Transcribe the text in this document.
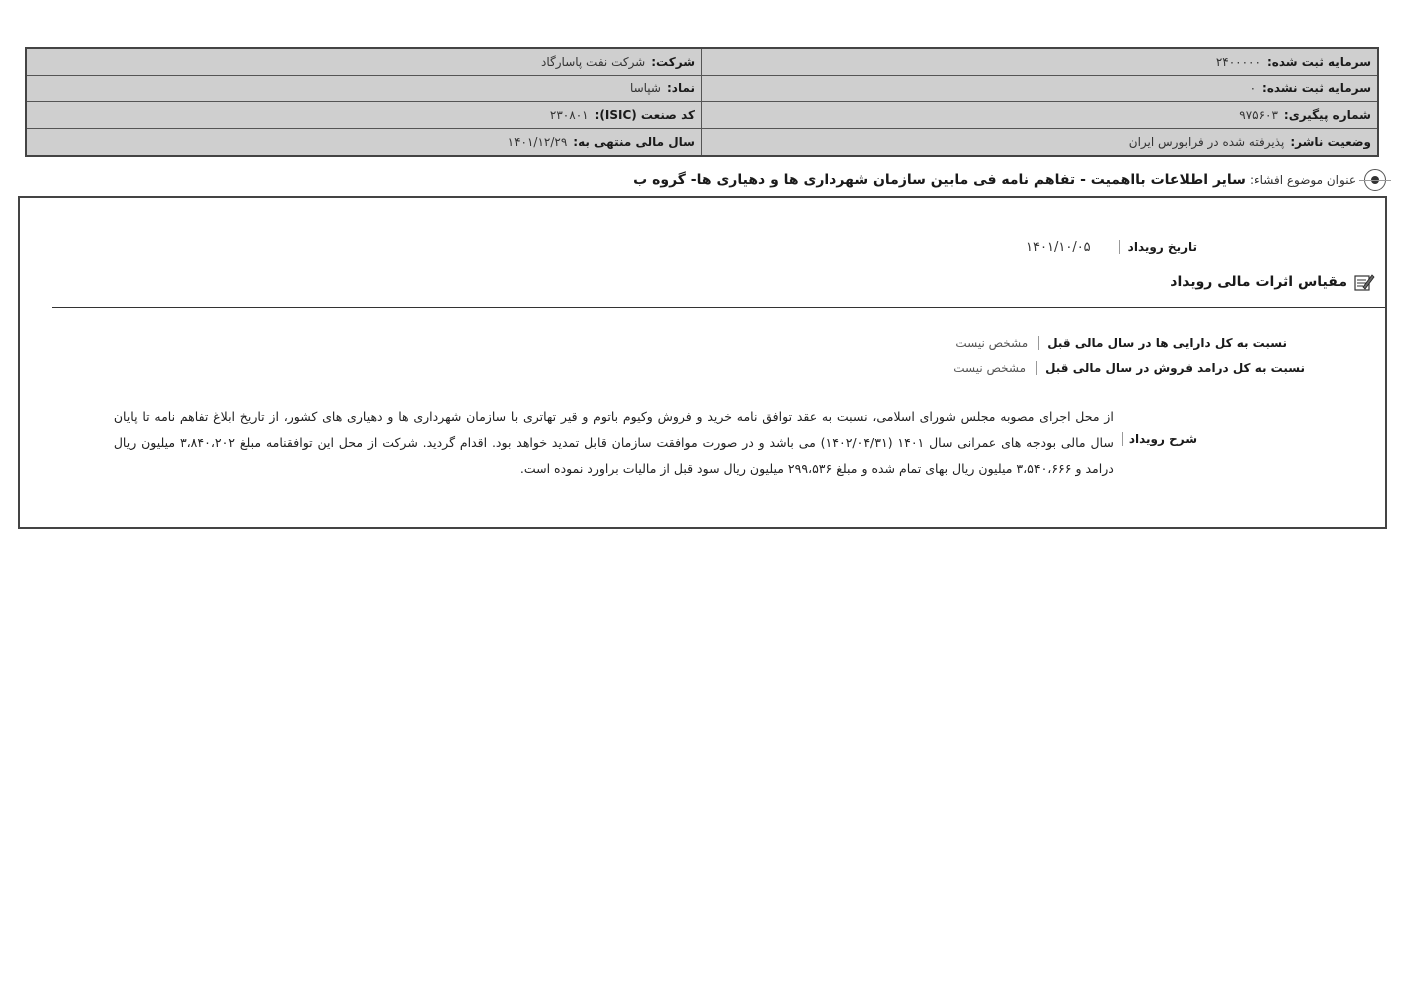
شرکت:
شرکت نفت پاسارگاد	سرمایه ثبت شده:
۲۴۰۰۰۰۰
نماد:
شپاسا	سرمایه ثبت نشده:
۰
کد صنعت (ISIC):
۲۳۰۸۰۱	شماره پیگیری:
۹۷۵۶۰۳
سال مالی منتهی به:
۱۴۰۱/۱۲/۲۹	وضعیت ناشر:
پذیرفته شده در فرابورس ایران
عنوان موضوع افشاء:
سایر اطلاعات بااهمیت - تفاهم نامه فی مابین سازمان شهرداری ها و دهیاری ها- گروه ب
تاریخ رویداد
۱۴۰۱/۱۰/۰۵
مقیاس اثرات مالی رویداد
نسبت به کل دارایی ها در سال مالی قبل
مشخص نیست
نسبت به کل درامد فروش در سال مالی قبل
مشخص نیست
شرح رویداد
از محل اجرای مصوبه مجلس شورای اسلامی، نسبت به عقد توافق نامه خرید و فروش وکیوم باتوم و قیر تهاتری با سازمان شهرداری ها و دهیاری های کشور، از تاریخ ابلاغ تفاهم نامه تا پایان سال مالی بودجه های عمرانی سال ۱۴۰۱ (۱۴۰۲/۰۴/۳۱) می باشد و در صورت موافقت سازمان قابل تمدید خواهد بود. اقدام گردید. شرکت از محل این توافقنامه مبلغ ۳،۸۴۰،۲۰۲ میلیون ریال درامد و ۳،۵۴۰،۶۶۶ میلیون ریال بهای تمام شده و مبلغ ۲۹۹،۵۳۶ میلیون ریال سود قبل از مالیات براورد نموده است.
